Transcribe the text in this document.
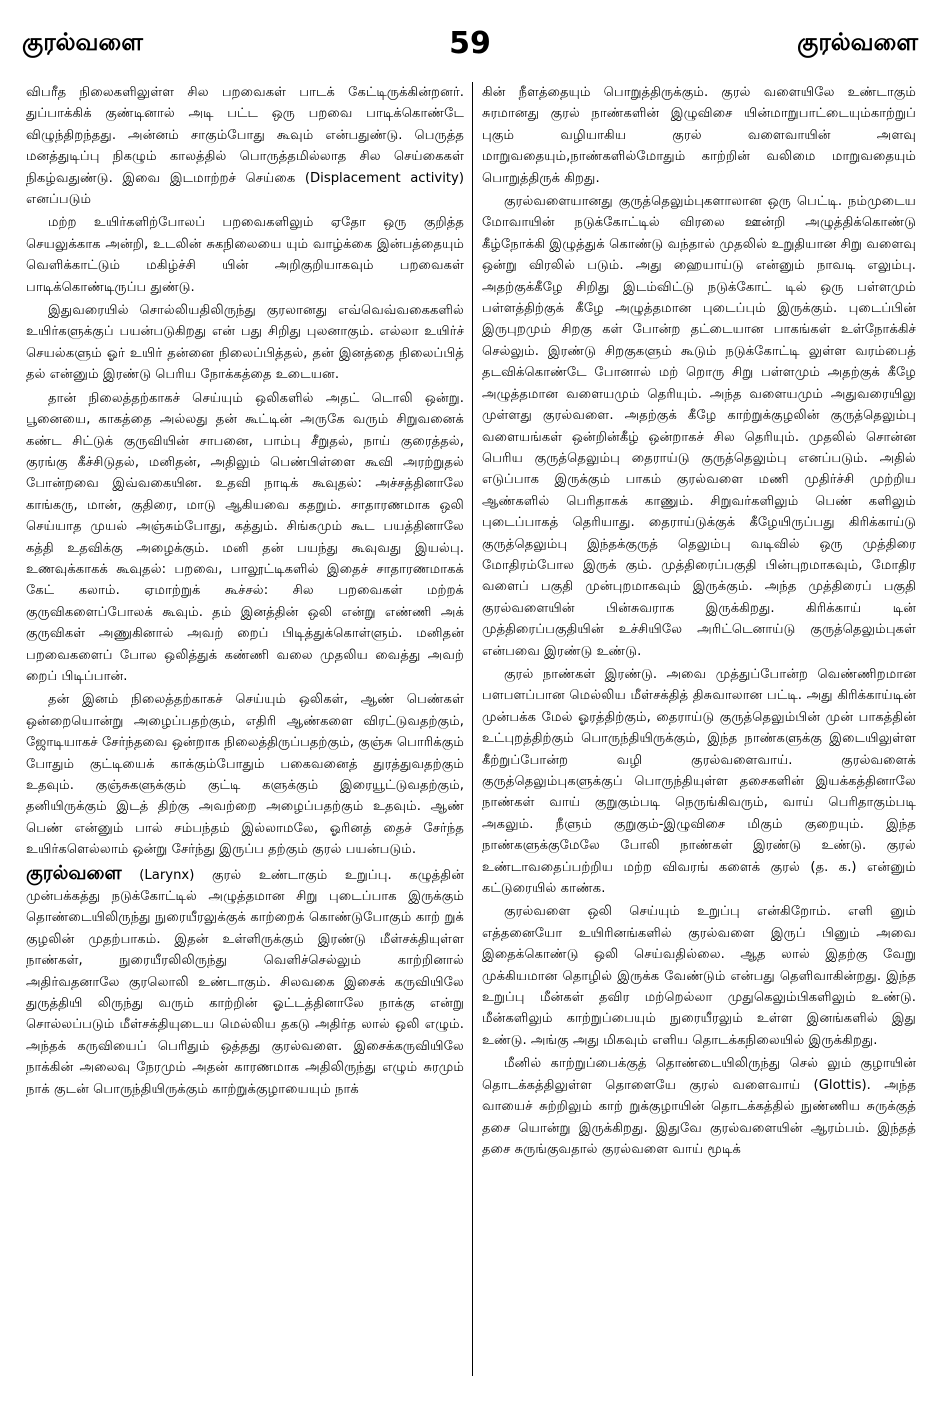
குரல்வளை	59	குரல்வளை

விபரீத நிலைகளிலுள்ள சில பறவைகள் பாடக் கேட்டிருக்கின்றனர். துப்பாக்கிக் குண்டினால் அடி பட்ட ஒரு பறவை பாடிக்கொண்டே விழுந்திறந்தது. அன்னம் சாகும்போது கூவும் என்பதுண்டு. பெருத்த மனத்துடிப்பு நிகழும் காலத்தில் பொருத்தமில்லாத சில செய்கைகள் நிகழ்வதுண்டு. இவை இடமாற்றச் செய்கை (Displacement activity) எனப்படும்

மற்ற உயிர்களிற்போலப் பறவைகளிலும் ஏதோ ஒரு குறித்த செயலுக்காக அன்றி, உடலின் சுகநிலையை யும் வாழ்க்கை இன்பத்தையும் வெளிக்காட்டும் மகிழ்ச்சி யின் அறிகுறியாகவும் பறவைகள் பாடிக்கொண்டிருப்ப துண்டு.

இதுவரையில் சொல்லியதிலிருந்து குரலானது எவ்வெவ்வகைகளில் உயிர்களுக்குப் பயன்படுகிறது என் பது சிறிது புலனாகும். எல்லா உயிர்ச் செயல்களும் ஓர் உயிர் தன்னை நிலைப்பித்தல், தன் இனத்தை நிலைப்பித் தல் என்னும் இரண்டு பெரிய நோக்கத்தை உடையன.

தான் நிலைத்தற்காகச் செய்யும் ஒலிகளில் அதட் டொலி ஒன்று. பூனையை, காகத்தை அல்லது தன் கூட்டின் அருகே வரும் சிறுவனைக் கண்ட சிட்டுக் குருவியின் சாபனை, பாம்பு சீறுதல், நாய் குரைத்தல், குரங்கு கீச்சிடுதல், மனிதன், அதிலும் பெண்பிள்ளை கூவி அரற்றுதல் போன்றவை இவ்வகையின. உதவி நாடிக் கூவுதல்: அச்சத்தினாலே காங்கரு, மான், குதிரை, மாடு ஆகியவை கதறும். சாதாரணமாக ஒலி செய்யாத முயல் அஞ்சும்போது, கத்தும். சிங்கமும் கூட பயத்தினாலே கத்தி உதவிக்கு அழைக்கும். மனி தன் பயந்து கூவுவது இயல்பு. உணவுக்காகக் கூவுதல்: பறவை, பாலூட்டிகளில் இதைச் சாதாரணமாகக் கேட் கலாம். ஏமாற்றுக் கூச்சல்: சில பறவைகள் மற்றக் குருவிகளைப்போலக் கூவும். தம் இனத்தின் ஒலி என்று எண்ணி அக் குருவிகள் அணுகினால் அவற் றைப் பிடித்துக்கொள்ளும். மனிதன் பறவைகளைப் போல ஒலித்துக் கண்ணி வலை முதலிய வைத்து அவற் றைப் பிடிப்பான்.

தன் இனம் நிலைத்தற்காகச் செய்யும் ஒலிகள், ஆண் பெண்கள் ஒன்றையொன்று அழைப்பதற்கும், எதிரி ஆண்களை விரட்டுவதற்கும், ஜோடியாகச் சேர்ந்தவை ஒன்றாக நிலைத்திருப்பதற்கும், குஞ்சு பொரிக்கும் போதும் குட்டியைக் காக்கும்போதும் பகைவனைத் துரத்துவதற்கும் உதவும். குஞ்சுகளுக்கும் குட்டி களுக்கும் இரையூட்டுவதற்கும், தனியிருக்கும் இடத் திற்கு அவற்றை அழைப்பதற்கும் உதவும். ஆண் பெண் என்னும் பால் சம்பந்தம் இல்லாமலே, ஓரினத் தைச் சேர்ந்த உயிர்களெல்லாம் ஒன்று சேர்ந்து இருப்ப தற்கும் குரல் பயன்படும்.

குரல்வளை (Larynx) குரல் உண்டாகும் உறுப்பு. கழுத்தின் முன்பக்கத்து நடுக்கோட்டில் அழுத்தமான சிறு புடைப்பாக இருக்கும் தொண்டையிலிருந்து நுரையீரலுக்குக் காற்றைக் கொண்டுபோகும் காற் றுக் குழலின் முதற்பாகம். இதன் உள்ளிருக்கும் இரண்டு மீள்சக்தியுள்ள நாண்கள், நுரையீரலிலிருந்து வெளிச்செல்லும் காற்றினால் அதிர்வதனாலே குரலொலி உண்டாகும். சிலவகை இசைக் கருவியிலே துருத்தியி லிருந்து வரும் காற்றின் ஓட்டத்தினாலே நாக்கு என்று சொல்லப்படும் மீள்சக்தியுடைய மெல்லிய தகடு அதிர்த லால் ஒலி எழும். அந்தக் கருவியைப் பெரிதும் ஒத்தது குரல்வளை. இசைக்கருவியிலே நாக்கின் அலைவு நேரமும் அதன் காரணமாக அதிலிருந்து எழும் சுரமும் நாக் குடன் பொருந்தியிருக்கும் காற்றுக்குழாயையும் நாக்

கின் நீளத்தையும் பொறுத்திருக்கும். குரல் வளையிலே உண்டாகும் சுரமானது குரல் நாண்களின் இழுவிசை யின்மாறுபாட்டையும்காற்றுப் புகும் வழியாகிய குரல் வளைவாயின் அளவு மாறுவதையும்,நாண்களில்மோதும் காற்றின் வலிமை மாறுவதையும் பொறுத்திருக் கிறது.

குரல்வளையானது குருத்தெலும்புகளாலான ஒரு பெட்டி. நம்முடைய மோவாயின் நடுக்கோட்டில் விரலை ஊன்றி அழுத்திக்கொண்டு கீழ்நோக்கி இழுத்துக் கொண்டு வந்தால் முதலில் உறுதியான சிறு வளைவு ஒன்று விரலில் படும். அது ஹையாய்டு என்னும் நாவடி எலும்பு. அதற்குக்கீழே சிறிது இடம்விட்டு நடுக்கோட் டில் ஒரு பள்ளமும் பள்ளத்திற்குக் கீழே அழுத்தமான புடைப்பும் இருக்கும். புடைப்பின் இருபுறமும் சிறகு கள் போன்ற தட்டையான பாகங்கள் உள்நோக்கிச் செல்லும். இரண்டு சிறகுகளும் கூடும் நடுக்கோட்டி லுள்ள வரம்பைத் தடவிக்கொண்டே போனால் மற் றொரு சிறு பள்ளமும் அதற்குக் கீழே அழுத்தமான வளையமும் தெரியும். அந்த வளையமும் அதுவரையிலு முள்ளது குரல்வளை. அதற்குக் கீழே காற்றுக்குழலின் குருத்தெலும்பு வளையங்கள் ஒன்றின்கீழ் ஒன்றாகச் சில தெரியும். முதலில் சொன்ன பெரிய குருத்தெலும்பு தைராய்டு குருத்தெலும்பு எனப்படும். அதில் எடுப்பாக இருக்கும் பாகம் குரல்வளை மணி முதிர்ச்சி முற்றிய ஆண்களில் பெரிதாகக் காணும். சிறுவர்களிலும் பெண் களிலும் புடைப்பாகத் தெரியாது. தைராய்டுக்குக் கீழேயிருப்பது கிரிக்காய்டு குருத்தெலும்பு இந்தக்குருத் தெலும்பு வடிவில் ஒரு முத்திரை மோதிரம்போல இருக் கும். முத்திரைப்பகுதி பின்புறமாகவும், மோதிர வளைப் பகுதி முன்புறமாகவும் இருக்கும். அந்த முத்திரைப் பகுதி குரல்வளையின் பின்சுவராக இருக்கிறது. கிரிக்காய் டின் முத்திரைப்பகுதியின் உச்சியிலே அரிட்டெனாய்டு குருத்தெலும்புகள் என்பவை இரண்டு உண்டு.

குரல் நாண்கள் இரண்டு. அவை முத்துப்போன்ற வெண்ணிறமான பளபளப்பான மெல்லிய மீள்சக்தித் திசுவாலான பட்டி. அது கிரிக்காய்டின் முன்பக்க மேல் ஓரத்திற்கும், தைராய்டு குருத்தெலும்பின் முன் பாகத்தின் உட்புறத்திற்கும் பொருந்தியிருக்கும், இந்த நாண்களுக்கு இடையிலுள்ள கீற்றுப்போன்ற வழி குரல்வளைவாய். குரல்வளைக் குருத்தெலும்புகளுக்குப் பொருந்தியுள்ள தசைகளின் இயக்கத்தினாலே நாண்கள் வாய் குறுகும்படி நெருங்கிவரும், வாய் பெரிதாகும்படி அகலும். நீளும் குறுகும்-இழுவிசை மிகும் குறையும். இந்த நாண்களுக்குமேலே போலி நாண்கள் இரண்டு உண்டு. குரல் உண்டாவதைப்பற்றிய மற்ற விவரங் களைக் குரல் (த. க.) என்னும் கட்டுரையில் காண்க.

குரல்வளை ஒலி செய்யும் உறுப்பு என்கிறோம். எளி னும் எத்தனையோ உயிரினங்களில் குரல்வளை இருப் பினும் அவை இதைக்கொண்டு ஒலி செய்வதில்லை. ஆத லால் இதற்கு வேறு முக்கியமான தொழில் இருக்க வேண்டும் என்பது தெளிவாகின்றது. இந்த உறுப்பு மீன்கள் தவிர மற்றெல்லா முதுகெலும்பிகளிலும் உண்டு. மீன்களிலும் காற்றுப்பையும் நுரையீரலும் உள்ள இனங்களில் இது உண்டு. அங்கு அது மிகவும் எளிய தொடக்கநிலையில் இருக்கிறது.

மீனில் காற்றுப்பைக்குத் தொண்டையிலிருந்து செல் லும் குழாயின் தொடக்கத்திலுள்ள தொளையே குரல் வளைவாய் (Glottis). அந்த வாயைச் சுற்றிலும் காற் றுக்குழாயின் தொடக்கத்தில் நுண்ணிய சுருக்குத் தசை யொன்று இருக்கிறது. இதுவே குரல்வளையின் ஆரம்பம். இந்தத் தசை சுருங்குவதால் குரல்வளை வாய் மூடிக்
